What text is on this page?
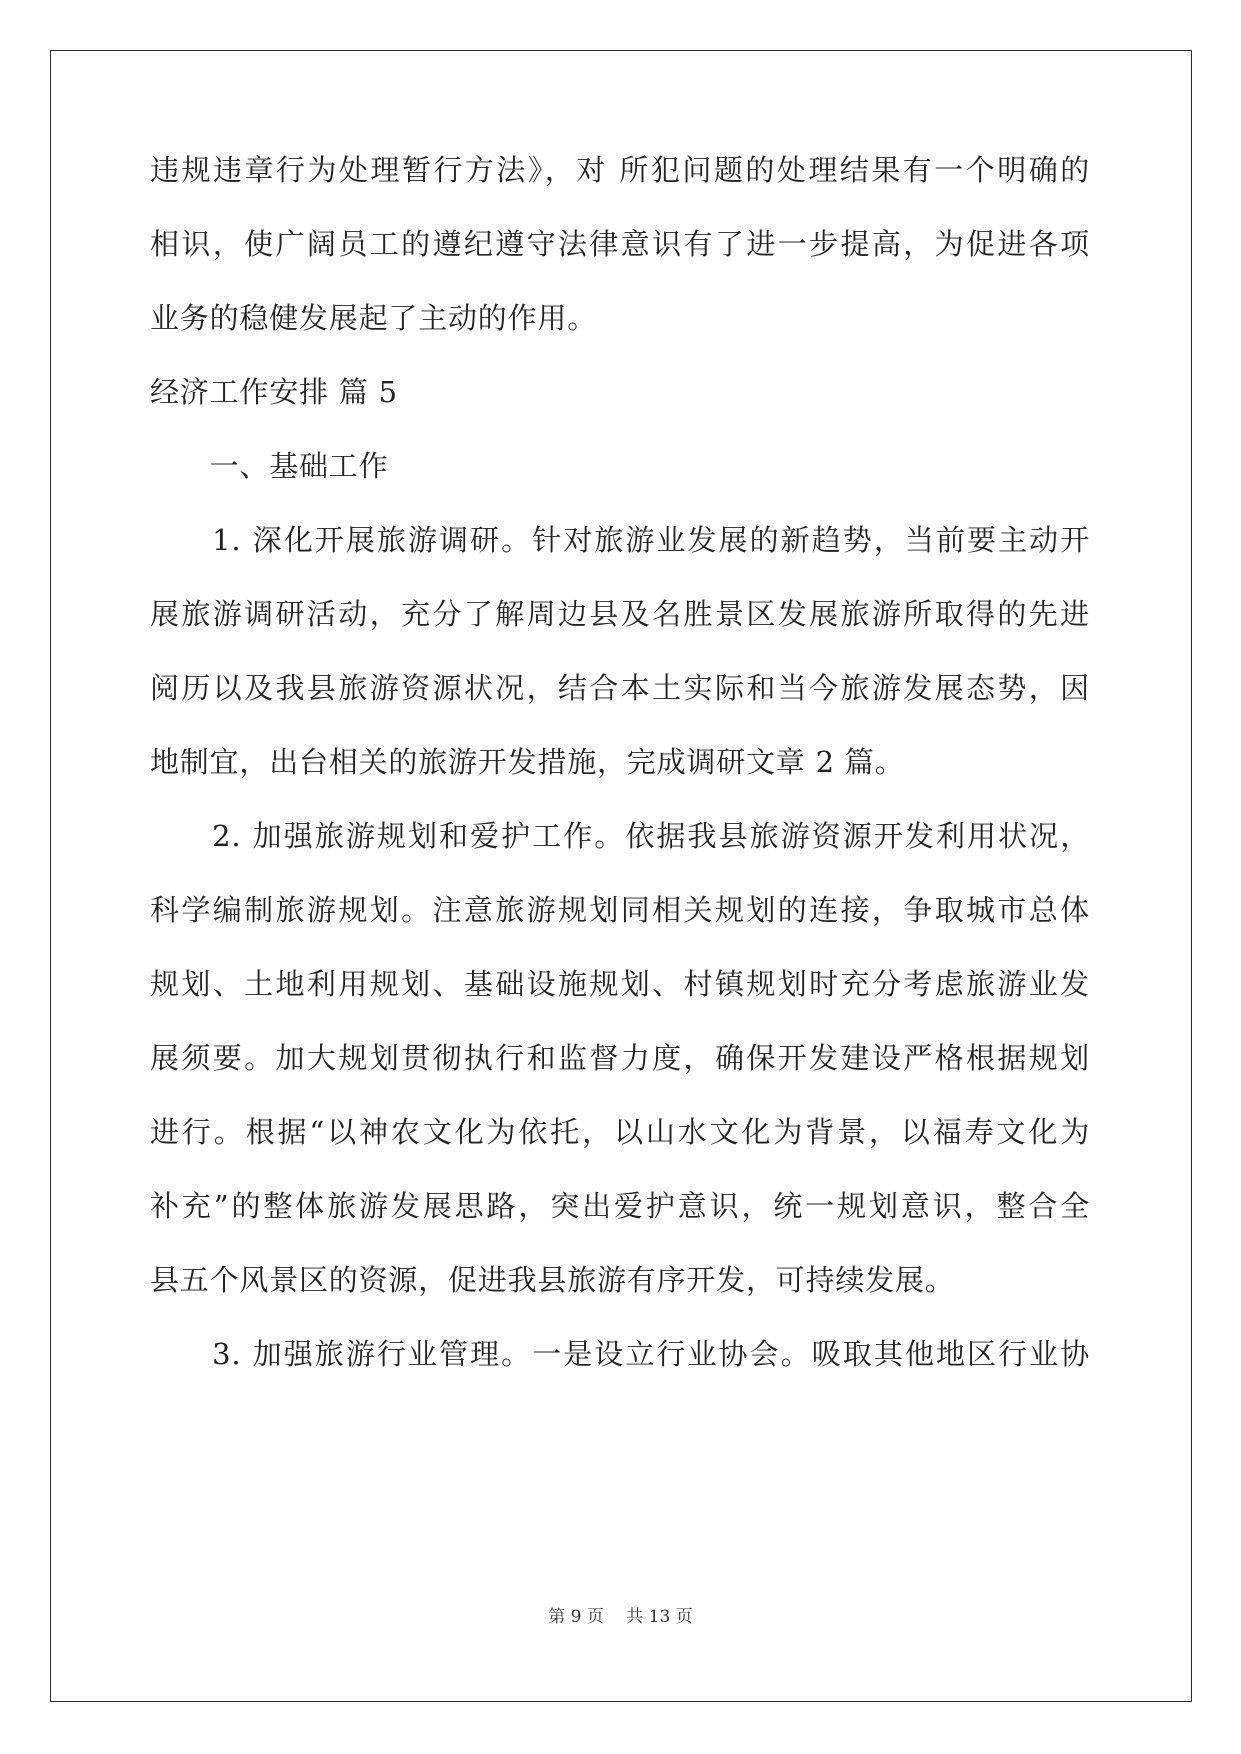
违规违章行为处理暂行方法》，对 所犯问题的处理结果有一个明确的
相识，使广阔员工的遵纪遵守法律意识有了进一步提高，为促进各项
业务的稳健发展起了主动的作用。
经济工作安排 篇 5
　　一、基础工作
　　1. 深化开展旅游调研。针对旅游业发展的新趋势，当前要主动开
展旅游调研活动，充分了解周边县及名胜景区发展旅游所取得的先进
阅历以及我县旅游资源状况，结合本土实际和当今旅游发展态势，因
地制宜，出台相关的旅游开发措施，完成调研文章 2 篇。
　　2. 加强旅游规划和爱护工作。依据我县旅游资源开发利用状况，
科学编制旅游规划。注意旅游规划同相关规划的连接，争取城市总体
规划、土地利用规划、基础设施规划、村镇规划时充分考虑旅游业发
展须要。加大规划贯彻执行和监督力度，确保开发建设严格根据规划
进行。根据“以神农文化为依托，以山水文化为背景，以福寿文化为
补充”的整体旅游发展思路，突出爱护意识，统一规划意识，整合全
县五个风景区的资源，促进我县旅游有序开发，可持续发展。
　　3. 加强旅游行业管理。一是设立行业协会。吸取其他地区行业协
第 9 页　 共 13 页
